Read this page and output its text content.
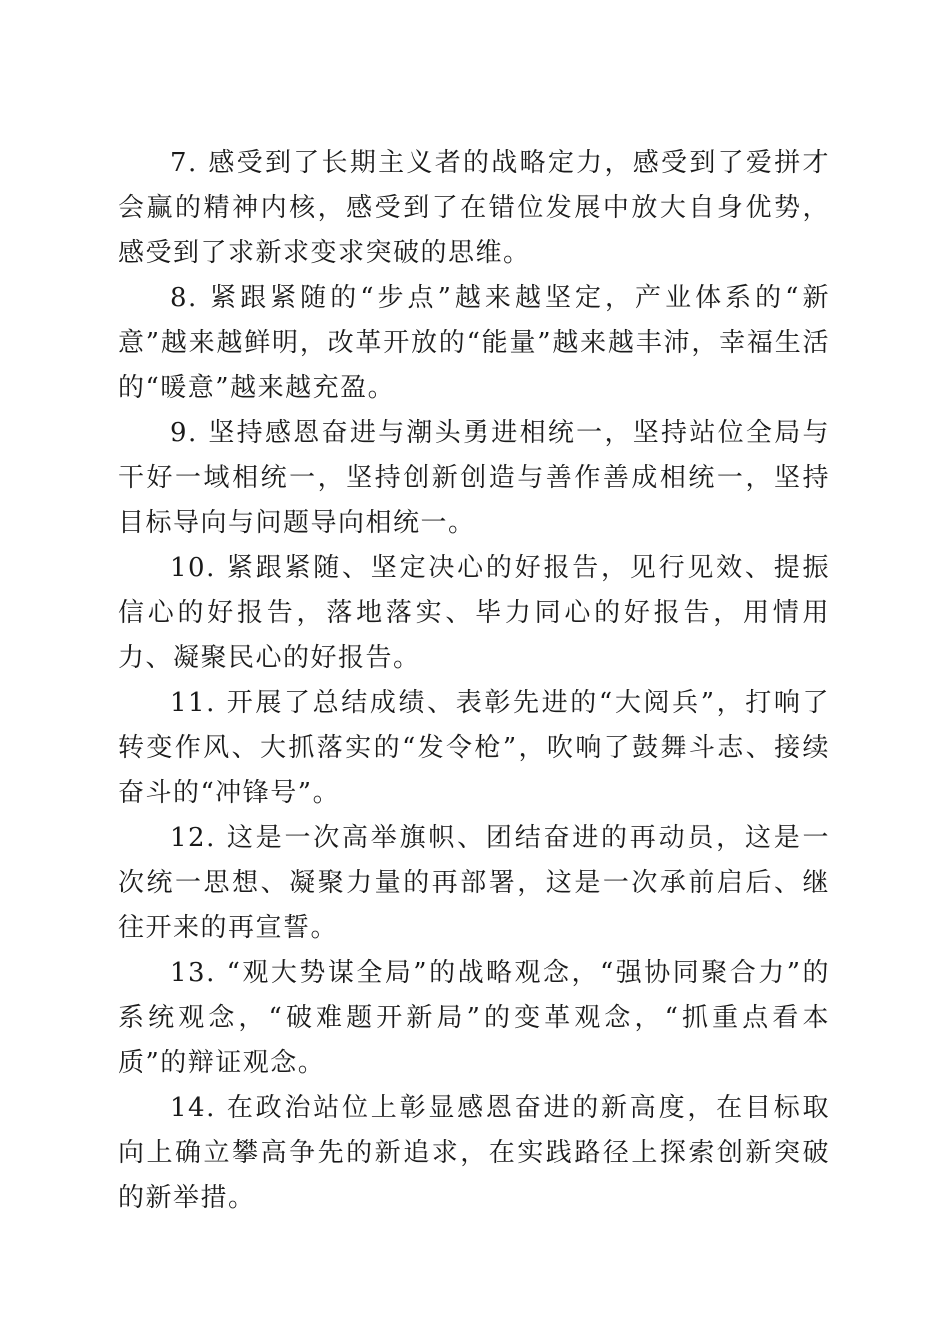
7. 感受到了长期主义者的战略定力，感受到了爱拼才会赢的精神内核，感受到了在错位发展中放大自身优势，感受到了求新求变求突破的思维。

8. 紧跟紧随的“步点”越来越坚定，产业体系的“新意”越来越鲜明，改革开放的“能量”越来越丰沛，幸福生活的“暖意”越来越充盈。

9. 坚持感恩奋进与潮头勇进相统一，坚持站位全局与干好一域相统一，坚持创新创造与善作善成相统一，坚持目标导向与问题导向相统一。

10. 紧跟紧随、坚定决心的好报告，见行见效、提振信心的好报告，落地落实、毕力同心的好报告，用情用力、凝聚民心的好报告。

11. 开展了总结成绩、表彰先进的“大阅兵”，打响了转变作风、大抓落实的“发令枪”，吹响了鼓舞斗志、接续奋斗的“冲锋号”。

12. 这是一次高举旗帜、团结奋进的再动员，这是一次统一思想、凝聚力量的再部署，这是一次承前启后、继往开来的再宣誓。

13. “观大势谋全局”的战略观念，“强协同聚合力”的系统观念，“破难题开新局”的变革观念，“抓重点看本质”的辩证观念。

14. 在政治站位上彰显感恩奋进的新高度，在目标取向上确立攀高争先的新追求，在实践路径上探索创新突破的新举措。
